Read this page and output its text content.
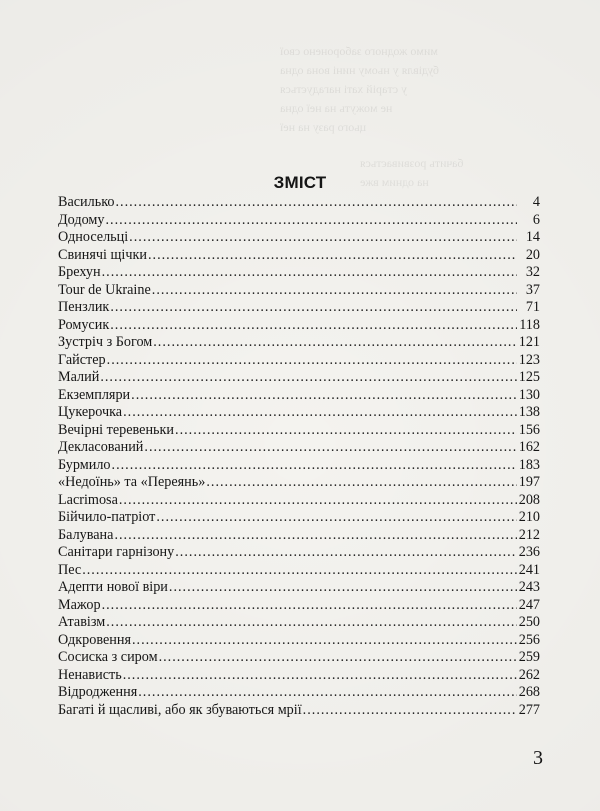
мимо жодного заборонено свої
будівля у ньому нині вона одна
у старій хаті нагадується
не можуть на неї одна
цього разу на неї
бачить розвивається
на одним вже
ЗМІСТ
Василько .....	4
Додому .....	6
Односельці .....	14
Свинячі щічки .....	20
Брехун .....	32
Tour de Ukraine .....	37
Пензлик .....	71
Ромусик .....	118
Зустріч з Богом .....	121
Гайстер .....	123
Малий .....	125
Екземпляри .....	130
Цукерочка .....	138
Вечірні теревеньки .....	156
Декласований .....	162
Бурмило .....	183
«Недоїнь» та «Переянь» .....	197
Lacrimosa .....	208
Бійчило-патріот .....	210
Балувана .....	212
Санітари гарнізону .....	236
Пес .....	241
Адепти нової віри .....	243
Мажор .....	247
Атавізм .....	250
Одкровення .....	256
Сосиска з сиром .....	259
Ненависть .....	262
Відродження .....	268
Багаті й щасливі, або як збуваються мрії .....	277
3
